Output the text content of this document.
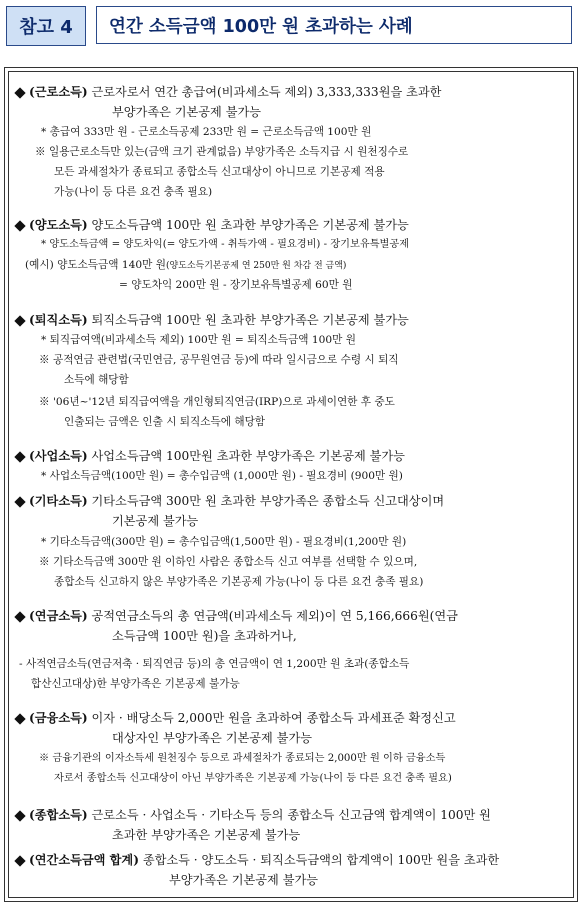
참고 4	연간 소득금액 100만 원 초과하는 사례
(근로소득) 근로자로서 연간 총급여(비과세소득 제외) 3,333,333원을 초과한
부양가족은 기본공제 불가능
* 총급여 333만 원 - 근로소득공제 233만 원 = 근로소득금액 100만 원
※ 일용근로소득만 있는(금액 크기 관계없음) 부양가족은 소득지급 시 원천징수로
모든 과세절차가 종료되고 종합소득 신고대상이 아니므로 기본공제 적용
가능(나이 등 다른 요건 충족 필요)
(양도소득) 양도소득금액 100만 원 초과한 부양가족은 기본공제 불가능
* 양도소득금액 = 양도차익(= 양도가액 - 취득가액 - 필요경비) - 장기보유특별공제
(예시) 양도소득금액 140만 원(양도소득기본공제 연 250만 원 차감 전 금액)
= 양도차익 200만 원 - 장기보유특별공제 60만 원
(퇴직소득) 퇴직소득금액 100만 원 초과한 부양가족은 기본공제 불가능
* 퇴직급여액(비과세소득 제외) 100만 원 = 퇴직소득금액 100만 원
※ 공적연금 관련법(국민연금, 공무원연금 등)에 따라 일시금으로 수령 시 퇴직
소득에 해당함
※ '06년~'12년 퇴직급여액을 개인형퇴직연금(IRP)으로 과세이연한 후 중도
인출되는 금액은 인출 시 퇴직소득에 해당함
(사업소득) 사업소득금액 100만원 초과한 부양가족은 기본공제 불가능
* 사업소득금액(100만 원) = 총수입금액 (1,000만 원) - 필요경비 (900만 원)
(기타소득) 기타소득금액 300만 원 초과한 부양가족은 종합소득 신고대상이며
기본공제 불가능
* 기타소득금액(300만 원) = 총수입금액(1,500만 원) - 필요경비(1,200만 원)
※ 기타소득금액 300만 원 이하인 사람은 종합소득 신고 여부를 선택할 수 있으며,
종합소득 신고하지 않은 부양가족은 기본공제 가능(나이 등 다른 요건 충족 필요)
(연금소득) 공적연금소득의 총 연금액(비과세소득 제외)이 연 5,166,666원(연금
소득금액 100만 원)을 초과하거나,
- 사적연금소득(연금저축 · 퇴직연금 등)의 총 연금액이 연 1,200만 원 초과(종합소득
합산신고대상)한 부양가족은 기본공제 불가능
(금융소득) 이자 · 배당소득 2,000만 원을 초과하여 종합소득 과세표준 확정신고
대상자인 부양가족은 기본공제 불가능
※ 금융기관의 이자소득세 원천징수 등으로 과세절차가 종료되는 2,000만 원 이하 금융소득
자로서 종합소득 신고대상이 아닌 부양가족은 기본공제 가능(나이 등 다른 요건 충족 필요)
(종합소득) 근로소득 · 사업소득 · 기타소득 등의 종합소득 신고금액 합계액이 100만 원
초과한 부양가족은 기본공제 불가능
(연간소득금액 합계) 종합소득 · 양도소득 · 퇴직소득금액의 합계액이 100만 원을 초과한
부양가족은 기본공제 불가능
